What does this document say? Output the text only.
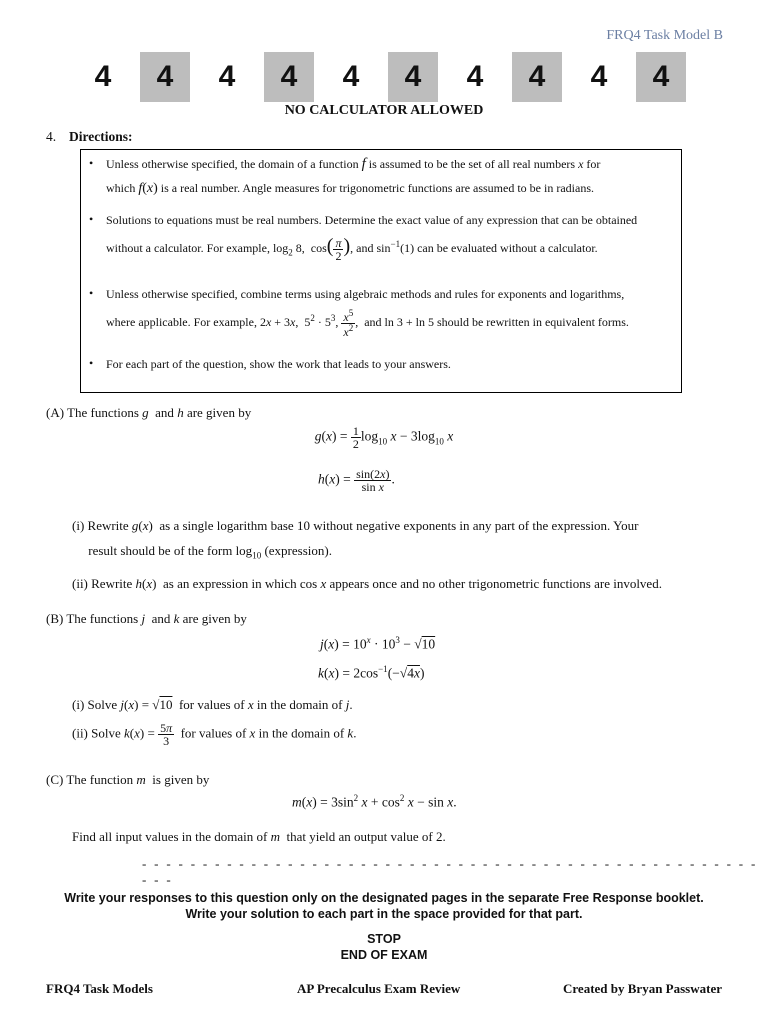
FRQ4 Task Model B
4	4	4	4	4	4	4	4	4	4
NO CALCULATOR ALLOWED
4. Directions:
• Unless otherwise specified, the domain of a function f is assumed to be the set of all real numbers x for
which f(x) is a real number. Angle measures for trigonometric functions are assumed to be in radians.
• Solutions to equations must be real numbers. Determine the exact value of any expression that can be obtained
without a calculator. For example, $\log_2 8$,  $\cos( \frac{\pi}{2}$ ), and $\sin^{-1}(1)$ can be evaluated without a calculator.
• Unless otherwise specified, combine terms using algebraic methods and rules for exponents and logarithms,
where applicable. For example, 2x + 3x,  $5^2 \cdot 5^3$, $\frac{x^5}{x^2}$ ,  and ln 3 + ln 5 should be rewritten in equivalent forms.
• For each part of the question, show the work that leads to your answers.
(A) The functions g and h are given by
$g(x) = \frac{1}{2} \log_{10} x - 3\log_{10}$ x
$h(x) = \frac{\sin(2x)}{\text{sin x}}$ .
(i) Rewrite g(x)  as a single logarithm base 10 without negative exponents in any part of the expression. Your
result should be of the form $\log_{10}$ (expression).
(ii) Rewrite h(x)  as an expression in which cos x appears once and no other trigonometric functions are involved.
(B) The functions j and k are given by
$j(x) = 10^x \cdot 10^3 - √10$
$k(x) = 2\cos^{-1}(-√4x)$
(i) Solve j(x) = √10 for values of x in the domain of j.
(ii) Solve $k(x) = \frac{5\pi}{3}$ for values of x in the domain of k.
(C) The function m is given by
$m(x) = 3\sin^2$ $x + \cos^2 x - \sin x$.
Find all input values in the domain of m that yield an output value of 2.
- - - - - - - - - - - - - - - - - - - - - - - - - - - - - - - - - - - - - - - - - - - - - - - - - - - - - -
Write your responses to this question only on the designated pages in the separate Free Response booklet.
Write your solution to each part in the space provided for that part.
STOP
END OF EXAM
FRQ4 Task Models	AP Precalculus Exam Review	Created by Bryan Passwater
